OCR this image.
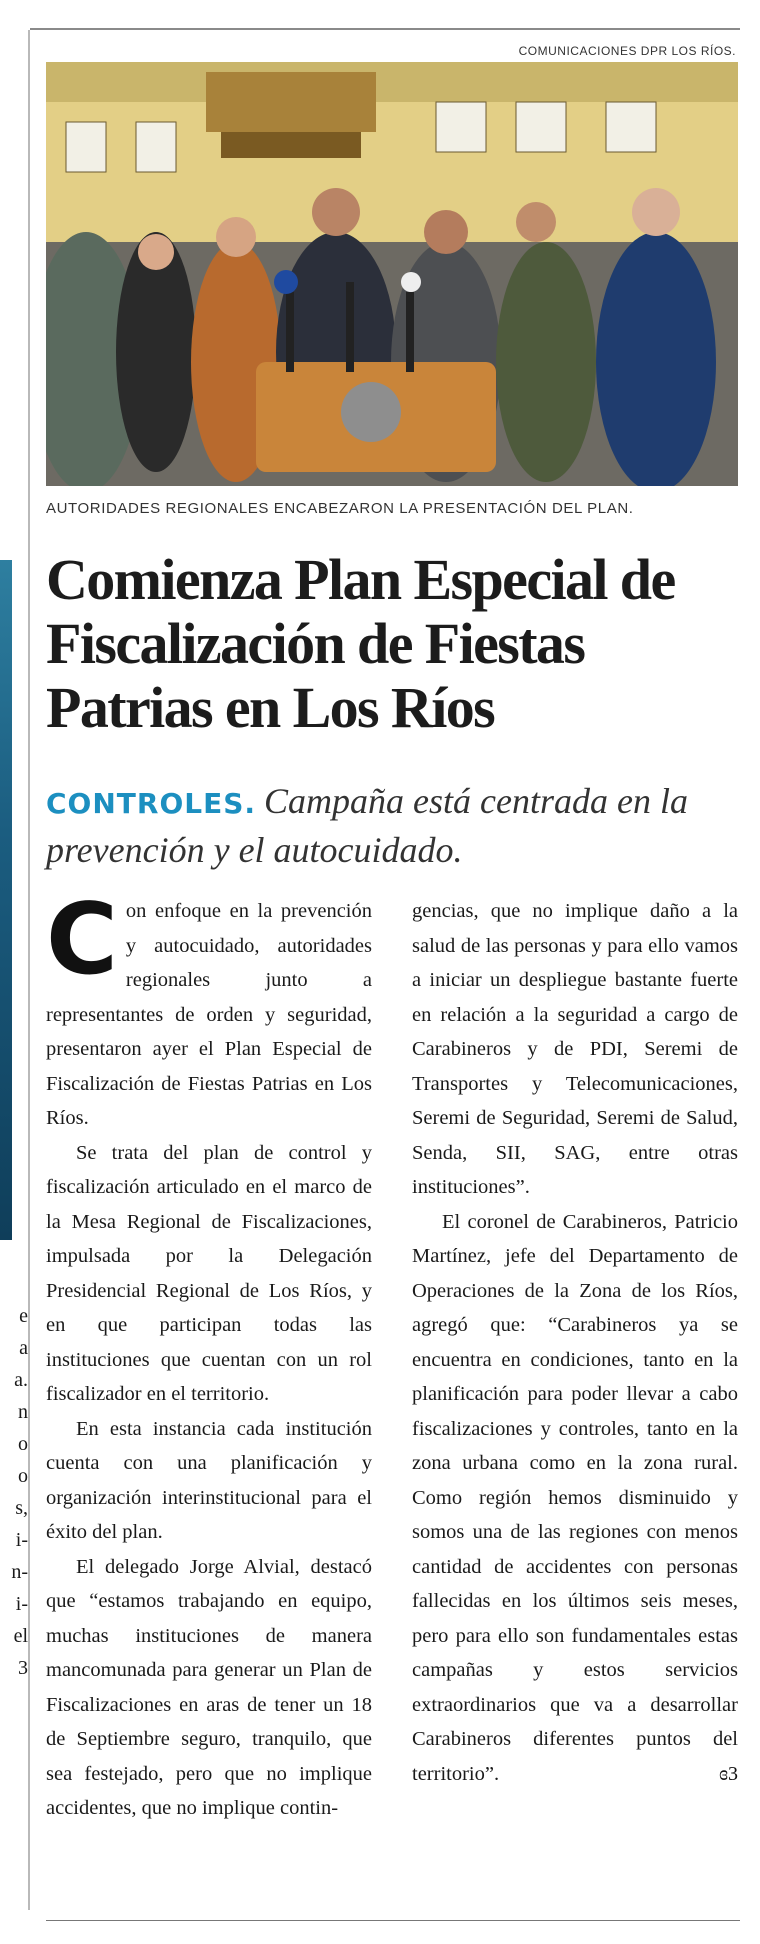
e
a
a.
n
o
o
s,
i-
n-
i-
el
3
COMUNICACIONES DPR LOS RÍOS.
AUTORIDADES REGIONALES ENCABEZARON LA PRESENTACIÓN DEL PLAN.
Comienza Plan Especial de Fiscalización de Fiestas Patrias en Los Ríos

CONTROLES. Campaña está centrada en la prevención y el autocuidado.

Con enfoque en la prevención y autocuidado, autoridades regionales junto a representantes de orden y seguridad, presentaron ayer el Plan Especial de Fiscalización de Fiestas Patrias en Los Ríos.

Se trata del plan de control y fiscalización articulado en el marco de la Mesa Regional de Fiscalizaciones, impulsada por la Delegación Presidencial Regional de Los Ríos, y en que participan todas las instituciones que cuentan con un rol fiscalizador en el territorio.

En esta instancia cada institución cuenta con una planificación y organización interinstitucional para el éxito del plan.

El delegado Jorge Alvial, destacó que “estamos trabajando en equipo, muchas instituciones de manera mancomunada para generar un Plan de Fiscalizaciones en aras de tener un 18 de Septiembre seguro, tranquilo, que sea festejado, pero que no implique accidentes, que no implique contin-

gencias, que no implique daño a la salud de las personas y para ello vamos a iniciar un despliegue bastante fuerte en relación a la seguridad a cargo de Carabineros y de PDI, Seremi de Transportes y Telecomunicaciones, Seremi de Seguridad, Seremi de Salud, Senda, SII, SAG, entre otras instituciones”.

El coronel de Carabineros, Patricio Martínez, jefe del Departamento de Operaciones de la Zona de los Ríos, agregó que: “Carabineros ya se encuentra en condiciones, tanto en la planificación para poder llevar a cabo fiscalizaciones y controles, tanto en la zona urbana como en la zona rural. Como región hemos disminuido y somos una de las regiones con menos cantidad de accidentes con personas fallecidas en los últimos seis meses, pero para ello son fundamentales estas campañas y estos servicios extraordinarios que va a desarrollar Carabineros diferentes puntos del territorio”.	ɞ3
